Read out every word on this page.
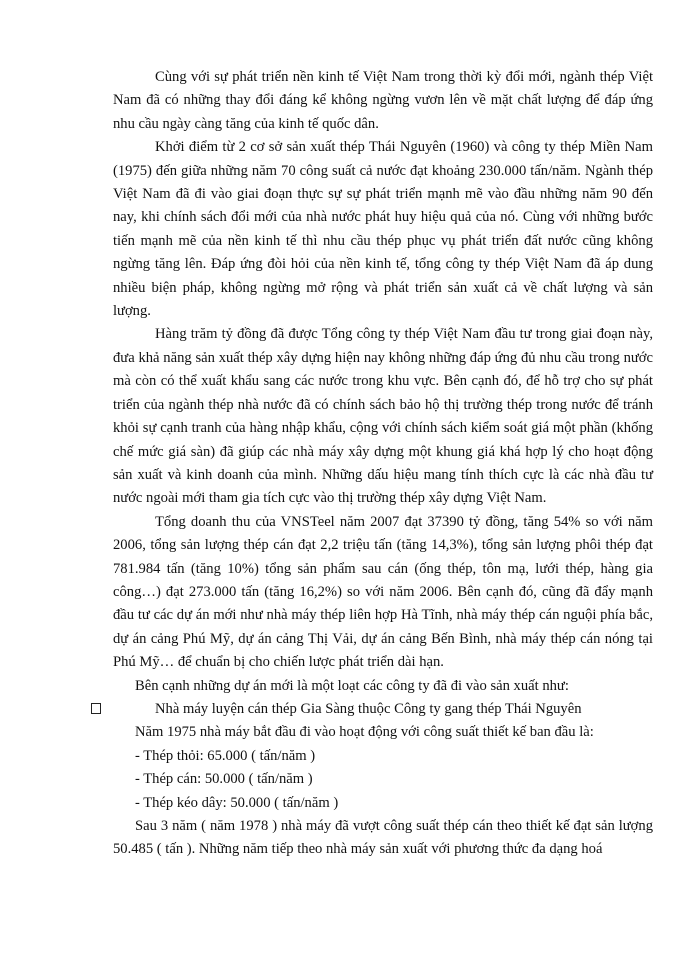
Cùng với sự phát triển nền kinh tế Việt Nam trong thời kỳ đổi mới, ngành thép Việt Nam đã có những thay đổi đáng kể không ngừng vươn lên về mặt chất lượng để đáp ứng nhu cầu ngày càng tăng của kinh tế quốc dân.

Khởi điểm từ 2 cơ sở sản xuất thép Thái Nguyên (1960) và công ty thép Miền Nam (1975) đến giữa những năm 70 công suất cả nước đạt khoảng 230.000 tấn/năm. Ngành thép Việt Nam đã đi vào giai đoạn thực sự sự phát triển mạnh mẽ vào đầu những năm 90 đến nay, khi chính sách đổi mới của nhà nước phát huy hiệu quả của nó. Cùng với những bước tiến mạnh mẽ của nền kinh tế thì nhu cầu thép phục vụ phát triển đất nước cũng không ngừng tăng lên. Đáp ứng đòi hỏi của nền kinh tế, tổng công ty thép Việt Nam đã áp dung nhiều biện pháp, không ngừng mở rộng và phát triển sản xuất cả về chất lượng và sản lượng.

Hàng trăm tỷ đồng đã được Tổng công ty thép Việt Nam đầu tư trong giai đoạn này, đưa khả năng sản xuất thép xây dựng hiện nay không những đáp ứng đủ nhu cầu trong nước mà còn có thể xuất khẩu sang các nước trong khu vực. Bên cạnh đó, để hỗ trợ cho sự phát triển của ngành thép nhà nước đã có chính sách bảo hộ thị trường thép trong nước để tránh khỏi sự cạnh tranh của hàng nhập khẩu, cộng với chính sách kiểm soát giá một phần (khống chế mức giá sàn) đã giúp các nhà máy xây dựng một khung giá khá hợp lý cho hoạt động sản xuất và kinh doanh của mình. Những dấu hiệu mang tính thích cực là các nhà đầu tư nước ngoài mới tham gia tích cực vào thị trường thép xây dựng Việt Nam.

Tổng doanh thu của VNSTeel năm 2007 đạt 37390 tỷ đồng, tăng 54% so với năm 2006, tổng sản lượng thép cán đạt 2,2 triệu tấn (tăng 14,3%), tổng sản lượng phôi thép đạt 781.984 tấn (tăng 10%) tổng sản phẩm sau cán (ống thép, tôn mạ, lưới thép, hàng gia công…) đạt 273.000 tấn (tăng 16,2%) so với năm 2006. Bên cạnh đó, cũng đã đẩy mạnh đầu tư các dự án mới như nhà máy thép liên hợp Hà Tĩnh, nhà máy thép cán nguội phía bắc, dự án cảng Phú Mỹ, dự án cảng Thị Vải, dự án cảng Bến Bình, nhà máy thép cán nóng tại Phú Mỹ… để chuẩn bị cho chiến lược phát triển dài hạn.

Bên cạnh những dự án mới là một loạt các công ty đã đi vào sản xuất như:

Nhà máy luyện cán thép Gia Sàng thuộc Công ty gang thép Thái Nguyên

Năm 1975 nhà máy bắt đầu đi vào hoạt động với công suất thiết kế ban đầu là:

- Thép thỏi: 65.000 ( tấn/năm )

- Thép cán: 50.000 ( tấn/năm )

- Thép kéo dây: 50.000 ( tấn/năm )

Sau 3 năm ( năm 1978 ) nhà máy đã vượt công suất thép cán theo thiết kế đạt sản lượng 50.485 ( tấn ). Những năm tiếp theo nhà máy sản xuất với phương thức đa dạng hoá
